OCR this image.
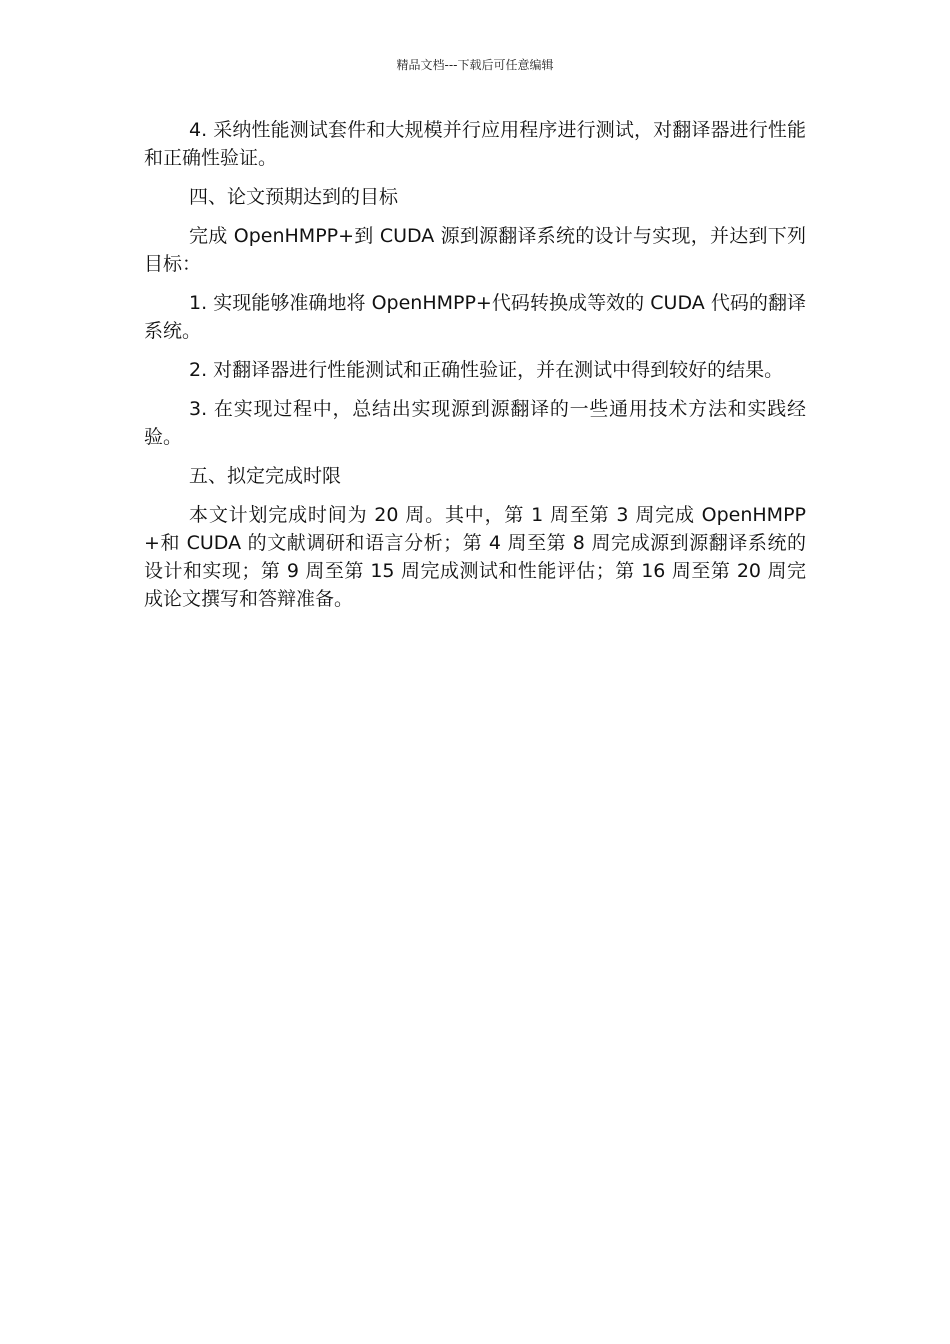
精品文档---下载后可任意编辑

4. 采纳性能测试套件和大规模并行应用程序进行测试，对翻译器进行性能和正确性验证。

四、论文预期达到的目标

完成 OpenHMPP+到 CUDA 源到源翻译系统的设计与实现，并达到下列目标：

1. 实现能够准确地将 OpenHMPP+代码转换成等效的 CUDA 代码的翻译系统。

2. 对翻译器进行性能测试和正确性验证，并在测试中得到较好的结果。

3. 在实现过程中，总结出实现源到源翻译的一些通用技术方法和实践经验。

五、拟定完成时限

本文计划完成时间为 20 周。其中，第 1 周至第 3 周完成 OpenHMPP+和 CUDA 的文献调研和语言分析；第 4 周至第 8 周完成源到源翻译系统的设计和实现；第 9 周至第 15 周完成测试和性能评估；第 16 周至第 20 周完成论文撰写和答辩准备。
